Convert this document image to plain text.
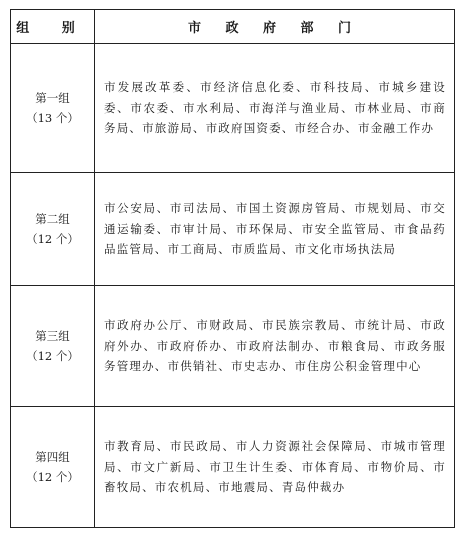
组 别	市 政 府 部 门

第一组
（13 个）	市发展改革委、市经济信息化委、市科技局、市城乡建设委、市农委、市水利局、市海洋与渔业局、市林业局、市商务局、市旅游局、市政府国资委、市经合办、市金融工作办

第二组
（12 个）	市公安局、市司法局、市国土资源房管局、市规划局、市交通运输委、市审计局、市环保局、市安全监管局、市食品药品监管局、市工商局、市质监局、市文化市场执法局

第三组
（12 个）	市政府办公厅、市财政局、市民族宗教局、市统计局、市政府外办、市政府侨办、市政府法制办、市粮食局、市政务服务管理办、市供销社、市史志办、市住房公积金管理中心

第四组
（12 个）	市教育局、市民政局、市人力资源社会保障局、市城市管理局、市文广新局、市卫生计生委、市体育局、市物价局、市畜牧局、市农机局、市地震局、青岛仲裁办
